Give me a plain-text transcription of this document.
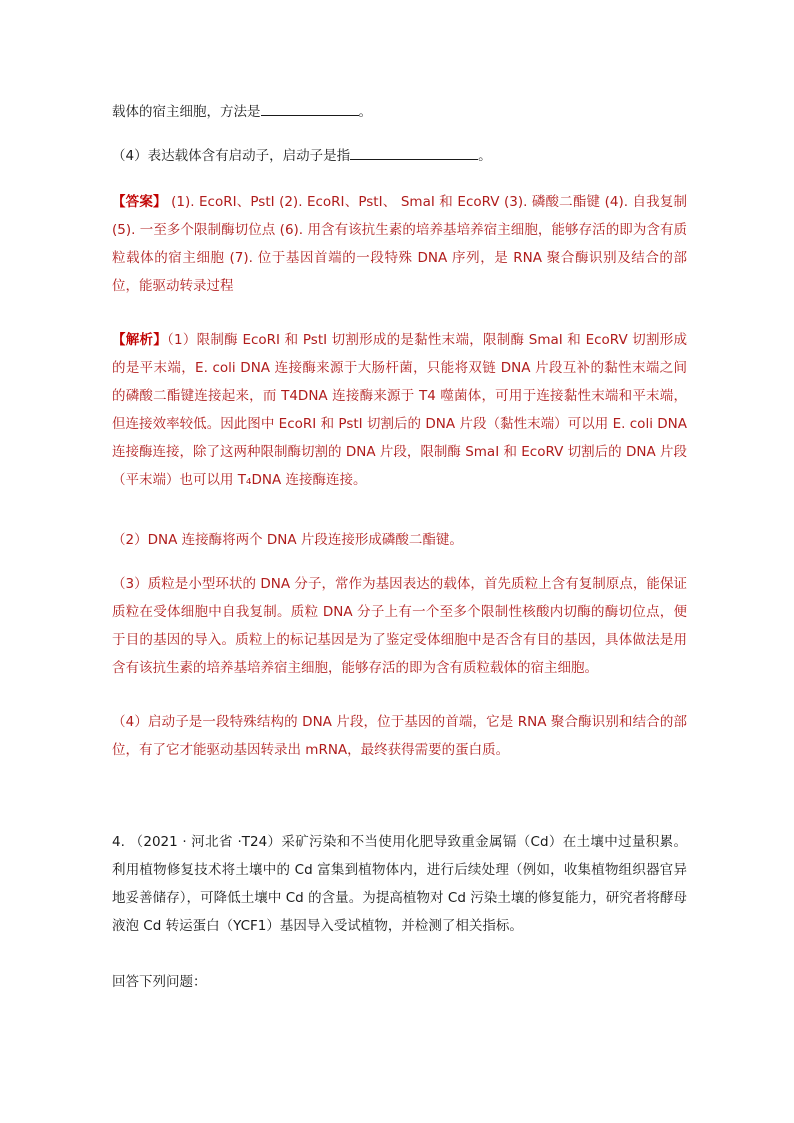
载体的宿主细胞，方法是	。

（4）表达载体含有启动子，启动子是指	。

【答案】 (1). EcoRI、PstI (2). EcoRI、PstI、 SmaI 和 EcoRV (3). 磷酸二酯键 (4). 自我复制 (5). 一至多个限制酶切位点 (6). 用含有该抗生素的培养基培养宿主细胞，能够存活的即为含有质粒载体的宿主细胞 (7). 位于基因首端的一段特殊 DNA 序列，是 RNA 聚合酶识别及结合的部位，能驱动转录过程

【解析】（1）限制酶 EcoRI 和 PstI 切割形成的是黏性末端，限制酶 SmaI 和 EcoRV 切割形成的是平末端，E. coli DNA 连接酶来源于大肠杆菌，只能将双链 DNA 片段互补的黏性末端之间的磷酸二酯键连接起来，而 T4DNA 连接酶来源于 T4 噬菌体，可用于连接黏性末端和平末端，但连接效率较低。因此图中 EcoRI 和 PstI 切割后的 DNA 片段（黏性末端）可以用 E. coli DNA 连接酶连接，除了这两种限制酶切割的 DNA 片段，限制酶 SmaI 和 EcoRV 切割后的 DNA 片段（平末端）也可以用 T₄DNA 连接酶连接。

（2）DNA 连接酶将两个 DNA 片段连接形成磷酸二酯键。

（3）质粒是小型环状的 DNA 分子，常作为基因表达的载体，首先质粒上含有复制原点，能保证质粒在受体细胞中自我复制。质粒 DNA 分子上有一个至多个限制性核酸内切酶的酶切位点，便于目的基因的导入。质粒上的标记基因是为了鉴定受体细胞中是否含有目的基因，具体做法是用含有该抗生素的培养基培养宿主细胞，能够存活的即为含有质粒载体的宿主细胞。

（4）启动子是一段特殊结构的 DNA 片段，位于基因的首端，它是 RNA 聚合酶识别和结合的部位，有了它才能驱动基因转录出 mRNA，最终获得需要的蛋白质。

4. （2021 · 河北省 ·T24）采矿污染和不当使用化肥导致重金属镉（Cd）在土壤中过量积累。利用植物修复技术将土壤中的 Cd 富集到植物体内，进行后续处理（例如，收集植物组织器官异地妥善储存），可降低土壤中 Cd 的含量。为提高植物对 Cd 污染土壤的修复能力，研究者将酵母液泡 Cd 转运蛋白（YCF1）基因导入受试植物，并检测了相关指标。

回答下列问题：
